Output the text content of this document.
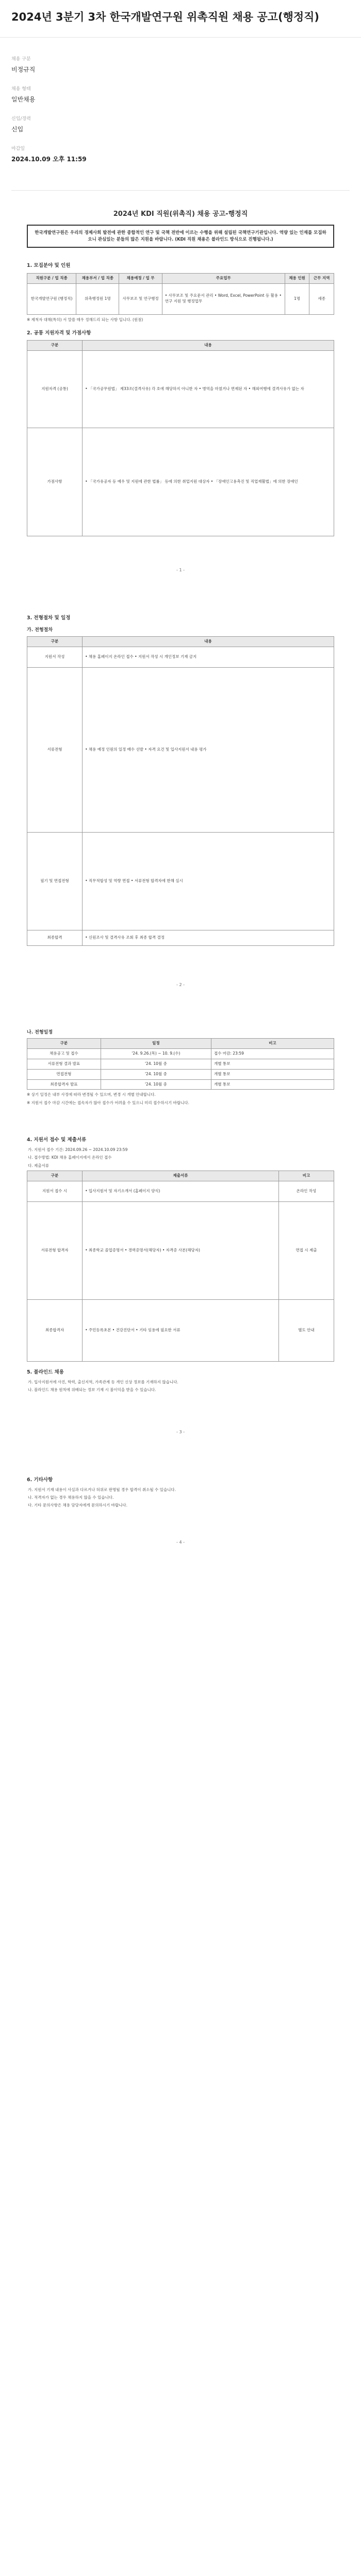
2024년 3분기 3차 한국개발연구원 위촉직원 채용 공고(행정직)
채용 구분
비정규직
채용 형태
일반채용
신입/경력
신입
마감일
2024.10.09 오후 11:59
2024년 KDI 직원(위촉직) 채용 공고-행정직
한국개발연구원은 우리의 경제사회 발전에 관한 종합적인 연구 및 국책 전반에 이르는 수행을 위해 설립된 국책연구기관입니다. 역량 있는 인재를 모집하오니 관심있는 분들의 많은 지원을 바랍니다. (KDI 직원 채용은 블라인드 방식으로 진행됩니다.)
1. 모집분야 및 인원
직원구분 / 업 직종	채용부서 / 업 직종	채용예정 / 업 무	주요업무	채용 인원	근무 지역
한국개발연구원 (행정직)	위촉행정원 1명	사무보조 및 연구행정	• 사무보조 및 주요문서 관리 • Word, Excel, PowerPoint 등 활용 • 연구 지원 및 행정업무	1명	세종
※ 제척자 대해(특히) 서 말씀 매우 정해드리 되는 사항 입니다. (원점)
2. 공통 지원자격 및 가점사항
구분	내용
지원자격 (공통)	• 「국가공무원법」 제33조(결격사유) 각 호에 해당하지 아니한 자 • 병역을 마쳤거나 면제된 자 • 해외여행에 결격사유가 없는 자
가점사항	• 「국가유공자 등 예우 및 지원에 관한 법률」 등에 의한 취업지원 대상자 • 「장애인고용촉진 및 직업재활법」에 의한 장애인
- 1 -
3. 전형절차 및 일정
가. 전형절차
구분	내용
지원서 작성	• 채용 홈페이지 온라인 접수 • 지원서 작성 시 개인정보 기재 금지
서류전형	• 채용 예정 인원의 일정 배수 선발 • 자격 요건 및 입사지원서 내용 평가
필기 및 면접전형	• 직무적합성 및 역량 면접 • 서류전형 합격자에 한해 실시
최종합격	• 신원조사 및 결격사유 조회 후 최종 합격 결정
- 2 -
나. 전형일정
구분	일정	비고
채용공고 및 접수	'24. 9.26.(목) ~ 10. 9.(수)	접수 마감: 23:59
서류전형 결과 발표	'24. 10월 중	개별 통보
면접전형	'24. 10월 중	개별 통보
최종합격자 발표	'24. 10월 중	개별 통보
※ 상기 일정은 내부 사정에 따라 변경될 수 있으며, 변경 시 개별 안내합니다.
※ 지원서 접수 마감 시간에는 접속자가 많아 접수가 어려울 수 있으니 미리 접수하시기 바랍니다.
4. 지원서 접수 및 제출서류
가. 지원서 접수 기간: 2024.09.26 ~ 2024.10.09 23:59
나. 접수방법: KDI 채용 홈페이지에서 온라인 접수
다. 제출서류
구분	제출서류	비고
지원서 접수 시	• 입사지원서 및 자기소개서 (홈페이지 양식)	온라인 작성
서류전형 합격자	• 최종학교 졸업증명서 • 경력증명서(해당자) • 자격증 사본(해당자)	면접 시 제출
최종합격자	• 주민등록초본 • 건강진단서 • 기타 임용에 필요한 서류	별도 안내
5. 블라인드 채용
가. 입사지원서에 사진, 학력, 출신지역, 가족관계 등 개인 신상 정보를 기재하지 않습니다.
나. 블라인드 채용 원칙에 위배되는 정보 기재 시 불이익을 받을 수 있습니다.
- 3 -
6. 기타사항
가. 지원서 기재 내용이 사실과 다르거나 허위로 판명될 경우 합격이 취소될 수 있습니다.
나. 적격자가 없는 경우 채용하지 않을 수 있습니다.
다. 기타 문의사항은 채용 담당자에게 문의하시기 바랍니다.
- 4 -
